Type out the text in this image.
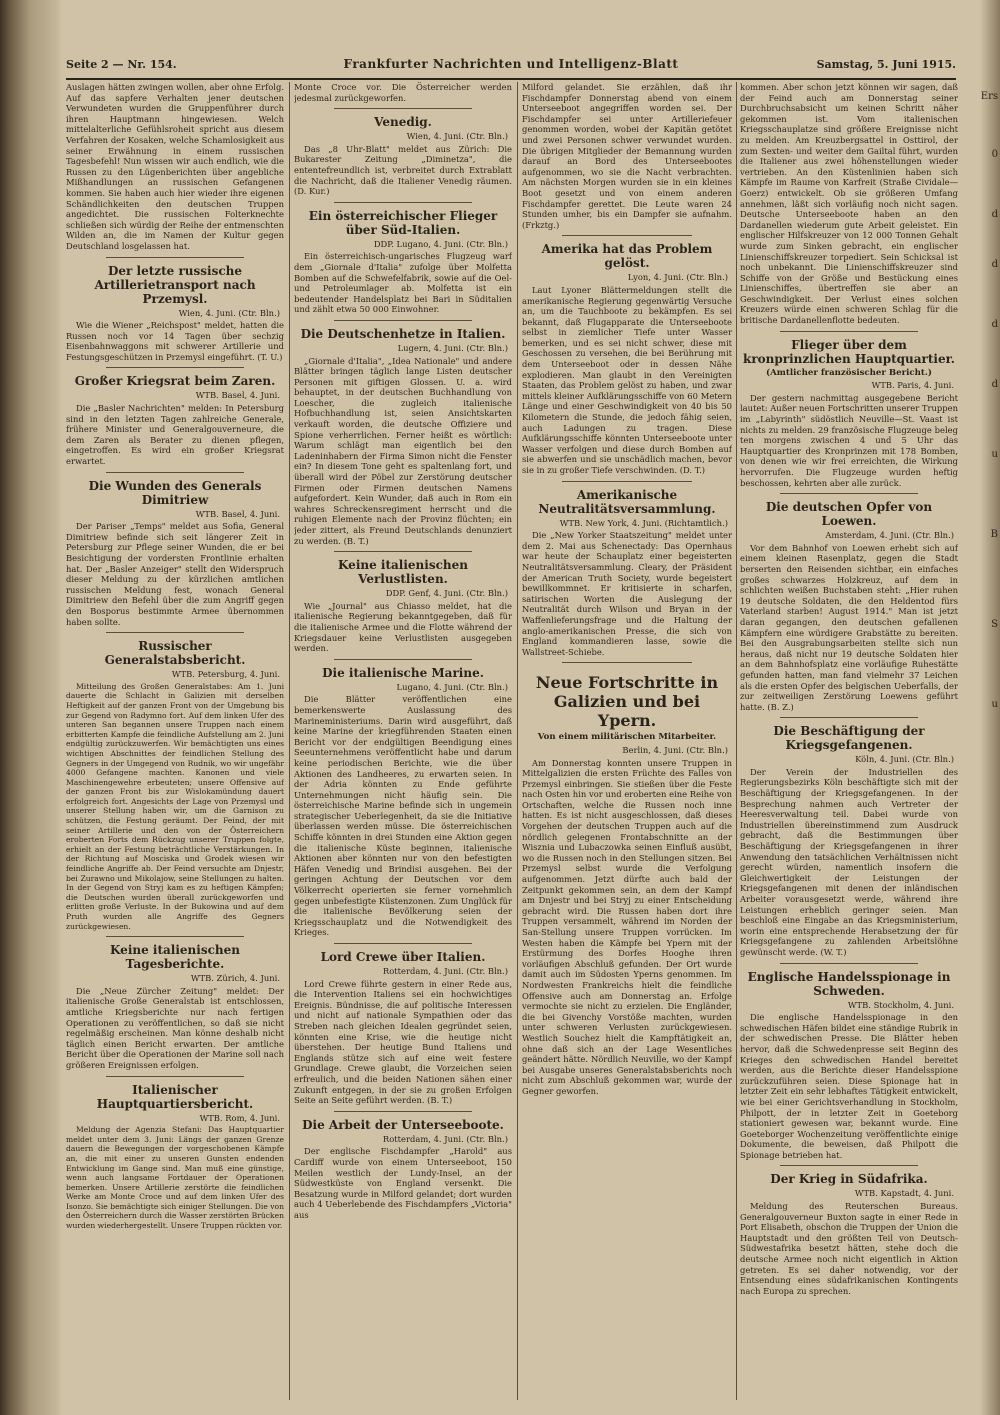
Ers
0
d
d
d
d
u
B
S
u
Seite 2 — Nr. 154.	Frankfurter Nachrichten und Intelligenz-Blatt	Samstag, 5. Juni 1915.

Auslagen hätten zwingen wollen, aber ohne Erfolg. Auf das sapfere Verhalten jener deutschen Verwundeten wurden die Gruppenführer durch ihren Hauptmann hingewiesen. Welch mittelalterliche Gefühlsroheit spricht aus diesem Verfahren der Kosaken, welche Schamlosigkeit aus seiner Erwähnung in einem russischen Tagesbefehl! Nun wissen wir auch endlich, wie die Russen zu den Lügenberichten über angebliche Mißhandlungen an russischen Gefangenen kommen. Sie haben auch hier wieder ihre eigenen Schändlichkeiten den deutschen Truppen angedichtet. Die russischen Folterknechte schließen sich würdig der Reihe der entmenschten Wilden an, die im Namen der Kultur gegen Deutschland losgelassen hat.

Der letzte russische Artillerietransport nach Przemysl.
Wien, 4. Juni. (Ctr. Bln.)

Wie die Wiener „Reichspost" meldet, hatten die Russen noch vor 14 Tagen über sechzig Eisenbahnwaggons mit schwerer Artillerie und Festungsgeschützen in Przemysl eingeführt. (T. U.)

Großer Kriegsrat beim Zaren.
WTB. Basel, 4. Juni.

Die „Basler Nachrichten" melden: In Petersburg sind in den letzten Tagen zahlreiche Generale, frühere Minister und Generalgouverneure, die dem Zaren als Berater zu dienen pflegen, eingetroffen. Es wird ein großer Kriegsrat erwartet.

Die Wunden des Generals Dimitriew
WTB. Basel, 4. Juni.

Der Pariser „Temps" meldet aus Sofia, General Dimitriew befinde sich seit längerer Zeit in Petersburg zur Pflege seiner Wunden, die er bei Besichtigung der vordersten Frontlinie erhalten hat. Der „Basler Anzeiger" stellt den Widerspruch dieser Meldung zu der kürzlichen amtlichen russischen Meldung fest, wonach General Dimitriew den Befehl über die zum Angriff gegen den Bosporus bestimmte Armee übernommen haben sollte.

Russischer Generalstabsbericht.
WTB. Petersburg, 4. Juni.

Mitteilung des Großen Generalstabes: Am 1. Juni dauerte die Schlacht in Galizien mit derselben Heftigkeit auf der ganzen Front von der Umgebung bis zur Gegend von Radymno fort. Auf dem linken Ufer des unteren San begannen unsere Truppen nach einem erbitterten Kampfe die feindliche Aufstellung am 2. Juni endgültig zurückzuwerfen. Wir bemächtigten uns eines wichtigen Abschnittes der feindlichen Stellung des Gegners in der Umgegend von Rudnik, wo wir ungefähr 4000 Gefangene machten. Kanonen und viele Maschinengewehre erbeuteten; unsere Offensive auf der ganzen Front bis zur Wislokamündung dauert erfolgreich fort. Angesichts der Lage von Przemysl und unserer Stellung haben wir, um die Garnison zu schützen, die Festung geräumt. Der Feind, der mit seiner Artillerie und den von der Österreichern eroberten Forts dem Rückzug unserer Truppen folgte, erhielt an der Festung beträchtliche Verstärkungen. In der Richtung auf Mosciska und Grodek wiesen wir feindliche Angriffe ab. Der Feind versuchte am Dnjestr, bei Zurawno und Mikolajow, seine Stellungen zu halten. In der Gegend von Stryj kam es zu heftigen Kämpfen; die Deutschen wurden überall zurückgeworfen und erlitten große Verluste. In der Bukowina und auf dem Pruth wurden alle Angriffe des Gegners zurückgewiesen.

Keine italienischen Tagesberichte.
WTB. Zürich, 4. Juni.

Die „Neue Zürcher Zeitung" meldet: Der italienische Große Generalstab ist entschlossen, amtliche Kriegsberichte nur nach fertigen Operationen zu veröffentlichen, so daß sie nicht regelmäßig erscheinen. Man könne deshalb nicht täglich einen Bericht erwarten. Der amtliche Bericht über die Operationen der Marine soll nach größeren Ereignissen erfolgen.

Italienischer Hauptquartiersbericht.
WTB. Rom, 4. Juni.

Meldung der Agenzia Stefani: Das Hauptquartier meldet unter dem 3. Juni: Längs der ganzen Grenze dauern die Bewegungen der vorgeschobenen Kämpfe an, die mit einer zu unseren Gunsten endenden Entwicklung im Gange sind. Man muß eine günstige, wenn auch langsame Fortdauer der Operationen bemerken. Unsere Artillerie zerstörte die feindlichen Werke am Monte Croce und auf dem linken Ufer des Isonzo. Sie bemächtigte sich einiger Stellungen. Die von den Österreichern durch die Wasser zerstörten Brücken wurden wiederhergestellt. Unsere Truppen rückten vor.

Monte Croce vor. Die Österreicher werden jedesmal zurückgeworfen.

Venedig.
Wien, 4. Juni. (Ctr. Bln.)

Das „8 Uhr-Blatt" meldet aus Zürich: Die Bukarester Zeitung „Diminetza", die ententefreundlich ist, verbreitet durch Extrablatt die Nachricht, daß die Italiener Venedig räumen. (D. Kur.)

Ein österreichischer Flieger über Süd-Italien.
DDP. Lugano, 4. Juni. (Ctr. Bln.)

Ein österreichisch-ungarisches Flugzeug warf dem „Giornale d'Italia" zufolge über Molfetta Bomben auf die Schwefelfabrik, sowie auf die Oel- und Petroleumlager ab. Molfetta ist ein bedeutender Handelsplatz bei Bari in Süditalien und zählt etwa 50 000 Einwohner.

Die Deutschenhetze in Italien.
Lugern, 4. Juni. (Ctr. Bln.)

„Giornale d'Italia", „Idea Nationale" und andere Blätter bringen täglich lange Listen deutscher Personen mit giftigen Glossen. U. a. wird behauptet, in der deutschen Buchhandlung von Loescher, die zugleich italienische Hofbuchhandlung ist, seien Ansichtskarten verkauft worden, die deutsche Offiziere und Spione verherrlichen. Ferner heißt es wörtlich: Warum schlägt man eigentlich bei den Ladeninhabern der Firma Simon nicht die Fenster ein? In diesem Tone geht es spaltenlang fort, und überall wird der Pöbel zur Zerstörung deutscher Firmen oder Firmen deutschen Namens aufgefordert. Kein Wunder, daß auch in Rom ein wahres Schreckensregiment herrscht und die ruhigen Elemente nach der Provinz flüchten; ein jeder zittert, als Freund Deutschlands denunziert zu werden. (B. T.)

Keine italienischen Verlustlisten.
DDP. Genf, 4. Juni. (Ctr. Bln.)

Wie „Journal" aus Chiasso meldet, hat die italienische Regierung bekanntgegeben, daß für die italienische Armee und die Flotte während der Kriegsdauer keine Verlustlisten ausgegeben werden.

Die italienische Marine.
Lugano, 4. Juni. (Ctr. Bln.)

Die Blätter veröffentlichen eine bemerkenswerte Auslassung des Marineministeriums. Darin wird ausgeführt, daß keine Marine der kriegführenden Staaten einen Bericht vor der endgültigen Beendigung eines Seeunternehmens veröffentlicht habe und darum keine periodischen Berichte, wie die über Aktionen des Landheeres, zu erwarten seien. In der Adria könnten zu Ende geführte Unternehmungen nicht häufig sein. Die österreichische Marine befinde sich in ungemein strategischer Ueberlegenheit, da sie die Initiative überlassen werden müsse. Die österreichischen Schiffe könnten in drei Stunden eine Aktion gegen die italienische Küste beginnen, italienische Aktionen aber könnten nur von den befestigten Häfen Venedig und Brindisi ausgehen. Bei der geringen Achtung der Deutschen vor dem Völkerrecht operierten sie ferner vornehmlich gegen unbefestigte Küstenzonen. Zum Unglück für die italienische Bevölkerung seien der Kriegsschauplatz und die Notwendigkeit des Krieges.

Lord Crewe über Italien.
Rotterdam, 4. Juni. (Ctr. Bln.)

Lord Crewe führte gestern in einer Rede aus, die Intervention Italiens sei ein hochwichtiges Ereignis. Bündnisse, die auf politische Interessen und nicht auf nationale Sympathien oder das Streben nach gleichen Idealen gegründet seien, könnten eine Krise, wie die heutige nicht überstehen. Der heutige Bund Italiens und Englands stütze sich auf eine weit festere Grundlage. Crewe glaubt, die Vorzeichen seien erfreulich, und die beiden Nationen sähen einer Zukunft entgegen, in der sie zu großen Erfolgen Seite an Seite geführt werden. (B. T.)

Die Arbeit der Unterseeboote.
Rotterdam, 4. Juni. (Ctr. Bln.)

Der englische Fischdampfer „Harold" aus Cardiff wurde von einem Unterseeboot, 150 Meilen westlich der Lundy-Insel, an der Südwestküste von England versenkt. Die Besatzung wurde in Milford gelandet; dort wurden auch 4 Ueberlebende des Fischdampfers „Victoria" aus

Milford gelandet. Sie erzählen, daß ihr Fischdampfer Donnerstag abend von einem Unterseeboot angegriffen worden sei. Der Fischdampfer sei unter Artilleriefeuer genommen worden, wobei der Kapitän getötet und zwei Personen schwer verwundet wurden. Die übrigen Mitglieder der Bemannung wurden darauf an Bord des Unterseebootes aufgenommen, wo sie die Nacht verbrachten. Am nächsten Morgen wurden sie in ein kleines Boot gesetzt und von einem anderen Fischdampfer gerettet. Die Leute waren 24 Stunden umher, bis ein Dampfer sie aufnahm. (Frkztg.)

Amerika hat das Problem gelöst.
Lyon, 4. Juni. (Ctr. Bln.)

Laut Lyoner Blättermeldungen stellt die amerikanische Regierung gegenwärtig Versuche an, um die Tauchboote zu bekämpfen. Es sei bekannt, daß Flugapparate die Unterseeboote selbst in ziemlicher Tiefe unter Wasser bemerken, und es sei nicht schwer, diese mit Geschossen zu versehen, die bei Berührung mit dem Unterseeboot oder in dessen Nähe explodieren. Man glaubt in den Vereinigten Staaten, das Problem gelöst zu haben, und zwar mittels kleiner Aufklärungsschiffe von 60 Metern Länge und einer Geschwindigkeit von 40 bis 50 Kilometern die Stunde, die jedoch fähig seien, auch Ladungen zu tragen. Diese Aufklärungsschiffe könnten Unterseeboote unter Wasser verfolgen und diese durch Bomben auf sie abwerfen und sie unschädlich machen, bevor sie in zu großer Tiefe verschwinden. (D. T.)

Amerikanische Neutralitätsversammlung.
WTB. New York, 4. Juni. (Richtamtlich.)

Die „New Yorker Staatszeitung" meldet unter dem 2. Mai aus Schenectady: Das Opernhaus war heute der Schauplatz einer begeisterten Neutralitätsversammlung. Cleary, der Präsident der American Truth Society, wurde begeistert bewillkommnet. Er kritisierte in scharfen, satirischen Worten die Auslegung der Neutralität durch Wilson und Bryan in der Waffenlieferungsfrage und die Haltung der anglo-amerikanischen Presse, die sich von England kommandieren lasse, sowie die Wallstreet-Schiebe.

Neue Fortschritte in Galizien und bei Ypern.
Von einem militärischen Mitarbeiter.
Berlin, 4. Juni. (Ctr. Bln.)

Am Donnerstag konnten unsere Truppen in Mittelgalizien die ersten Früchte des Falles von Przemysl einbringen. Sie stießen über die Feste nach Osten hin vor und eroberten eine Reihe von Ortschaften, welche die Russen noch inne hatten. Es ist nicht ausgeschlossen, daß dieses Vorgehen der deutschen Truppen auch auf die nördlich gelegenen Frontabschnitte an der Wisznia und Lubaczowka seinen Einfluß ausübt, wo die Russen noch in den Stellungen sitzen. Bei Przemysl selbst wurde die Verfolgung aufgenommen. Jetzt dürfte auch bald der Zeitpunkt gekommen sein, an dem der Kampf am Dnjestr und bei Stryj zu einer Entscheidung gebracht wird. Die Russen haben dort ihre Truppen versammelt, während im Norden der San-Stellung unsere Truppen vorrücken. Im Westen haben die Kämpfe bei Ypern mit der Erstürmung des Dorfes Hooghe ihren vorläufigen Abschluß gefunden. Der Ort wurde damit auch im Südosten Yperns genommen. Im Nordwesten Frankreichs hielt die feindliche Offensive auch am Donnerstag an. Erfolge vermochte sie nicht zu erzielen. Die Engländer, die bei Givenchy Vorstöße machten, wurden unter schweren Verlusten zurückgewiesen. Westlich Souchez hielt die Kampftätigkeit an, ohne daß sich an der Lage Wesentliches geändert hätte. Nördlich Neuville, wo der Kampf bei Ausgabe unseres Generalstabsberichts noch nicht zum Abschluß gekommen war, wurde der Gegner geworfen.

kommen. Aber schon jetzt können wir sagen, daß der Feind auch am Donnerstag seiner Durchbruchsabsicht um keinen Schritt näher gekommen ist. Vom italienischen Kriegsschauplatze sind größere Ereignisse nicht zu melden. Am Kreuzbergsattel in Osttirol, der zum Sexten- und weiter dem Gailtal führt, wurden die Italiener aus zwei höhenstellungen wieder vertrieben. An den Küstenlinien haben sich Kämpfe im Raume von Karfreit (Straße Cividale—Goerz) entwickelt. Ob sie größeren Umfang annehmen, läßt sich vorläufig noch nicht sagen. Deutsche Unterseeboote haben an den Dardanellen wiederum gute Arbeit geleistet. Ein englischer Hilfskreuzer von 12 000 Tonnen Gehalt wurde zum Sinken gebracht, ein englischer Linienschiffskreuzer torpediert. Sein Schicksal ist noch unbekannt. Die Linienschiffskreuzer sind Schiffe von der Größe und Bestückung eines Linienschiffes, übertreffen sie aber an Geschwindigkeit. Der Verlust eines solchen Kreuzers würde einen schweren Schlag für die britische Dardanellenflotte bedeuten.

Flieger über dem kronprinzlichen Hauptquartier.
(Amtlicher französischer Bericht.)
WTB. Paris, 4. Juni.

Der gestern nachmittag ausgegebene Bericht lautet: Außer neuen Fortschritten unserer Truppen im „Labyrinth" südöstlich Neuville—St. Vaast ist nichts zu melden. 29 französische Flugzeuge beleg ten morgens zwischen 4 und 5 Uhr das Hauptquartier des Kronprinzen mit 178 Bomben, von denen wie wir frei erreichten, die Wirkung hervorrufen. Die Flugzeuge wurden heftig beschossen, kehrten aber alle zurück.

Die deutschen Opfer von Loewen.
Amsterdam, 4. Juni. (Ctr. Bln.)

Vor dem Bahnhof von Loewen erhebt sich auf einem kleinen Rasenplatz, gegen die Stadt berserten den Reisenden sichtbar, ein einfaches großes schwarzes Holzkreuz, auf dem in schlichten weißen Buchstaben steht: „Hier ruhen 19 deutsche Soldaten, die den Heldentod fürs Vaterland starben! August 1914." Man ist jetzt daran gegangen, den deutschen gefallenen Kämpfern eine würdigere Grabstätte zu bereiten. Bei den Ausgrabungsarbeiten stellte sich nun heraus, daß nicht nur 19 deutsche Soldaten hier an dem Bahnhofsplatz eine vorläufige Ruhestätte gefunden hatten, man fand vielmehr 37 Leichen als die ersten Opfer des belgischen Ueberfalls, der zur zeitweiligen Zerstörung Loewens geführt hatte. (B. Z.)

Die Beschäftigung der Kriegsgefangenen.
Köln, 4. Juni. (Ctr. Bln.)

Der Verein der Industriellen des Regierungsbezirks Köln beschäftigte sich mit der Beschäftigung der Kriegsgefangenen. In der Besprechung nahmen auch Vertreter der Heeresverwaltung teil. Dabei wurde von Industriellen übereinstimmend zum Ausdruck gebracht, daß die Bestimmungen über Beschäftigung der Kriegsgefangenen in ihrer Anwendung den tatsächlichen Verhältnissen nicht gerecht würden, namentlich insofern die Gleichwertigkeit der Leistungen der Kriegsgefangenen mit denen der inländischen Arbeiter vorausgesetzt werde, während ihre Leistungen erheblich geringer seien. Man beschloß eine Eingabe an das Kriegsministerium, worin eine entsprechende Herabsetzung der für Kriegsgefangene zu zahlenden Arbeitslöhne gewünscht werde. (W. T.)

Englische Handelsspionage in Schweden.
WTB. Stockholm, 4. Juni.

Die englische Handelsspionage in den schwedischen Häfen bildet eine ständige Rubrik in der schwedischen Presse. Die Blätter heben hervor, daß die Schwedenpresse seit Beginn des Krieges den schwedischen Handel bereitet werden, aus die Berichte dieser Handelsspione zurückzuführen seien. Diese Spionage hat in letzter Zeit ein sehr lebhaftes Tätigkeit entwickelt, wie bei einer Gerichtsverhandlung in Stockholm, Philpott, der in letzter Zeit in Goeteborg stationiert gewesen war, bekannt wurde. Eine Goeteborger Wochenzeitung veröffentlichte einige Dokumente, die beweisen, daß Philpott die Spionage betrieben hat.

Der Krieg in Südafrika.
WTB. Kapstadt, 4. Juni.

Meldung des Reuterschen Bureaus. Generalgouverneur Buxton sagte in einer Rede in Port Elisabeth, obschon die Truppen der Union die Hauptstadt und den größten Teil von Deutsch-Südwestafrika besetzt hätten, stehe doch die deutsche Armee noch nicht eigentlich in Aktion getreten. Es sei daher notwendig, vor der Entsendung eines südafrikanischen Kontingents nach Europa zu sprechen.
